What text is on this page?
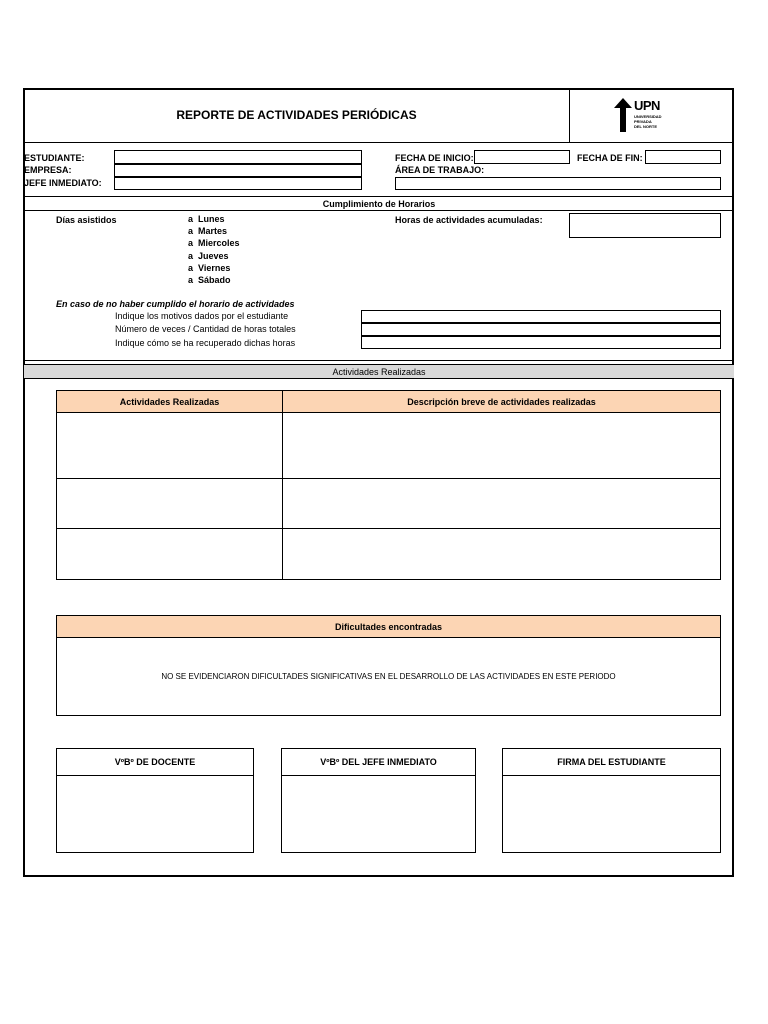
REPORTE DE ACTIVIDADES PERIÓDICAS
UPN
UNIVERSIDAD
PRIVADA
DEL NORTE
ESTUDIANTE:
EMPRESA:
JEFE INMEDIATO:
FECHA DE INICIO:	FECHA DE FIN:
ÁREA DE TRABAJO:
Cumplimiento de Horarios
Días asistidos	a Lunes
a Martes
a Miercoles
a Jueves
a Viernes
a Sábado
Horas de actividades acumuladas:
En caso de no haber cumplido el horario de actividades
Indique los motivos dados por el estudiante
Número de veces / Cantidad de horas totales
Indique cómo se ha recuperado dichas horas
Actividades Realizadas
Actividades Realizadas	Descripción breve de actividades realizadas

Dificultades encontradas
NO SE EVIDENCIARON DIFICULTADES SIGNIFICATIVAS EN EL DESARROLLO DE LAS ACTIVIDADES EN ESTE PERIODO
VºBº DE DOCENTE	VºBº DEL JEFE INMEDIATO	FIRMA DEL ESTUDIANTE
